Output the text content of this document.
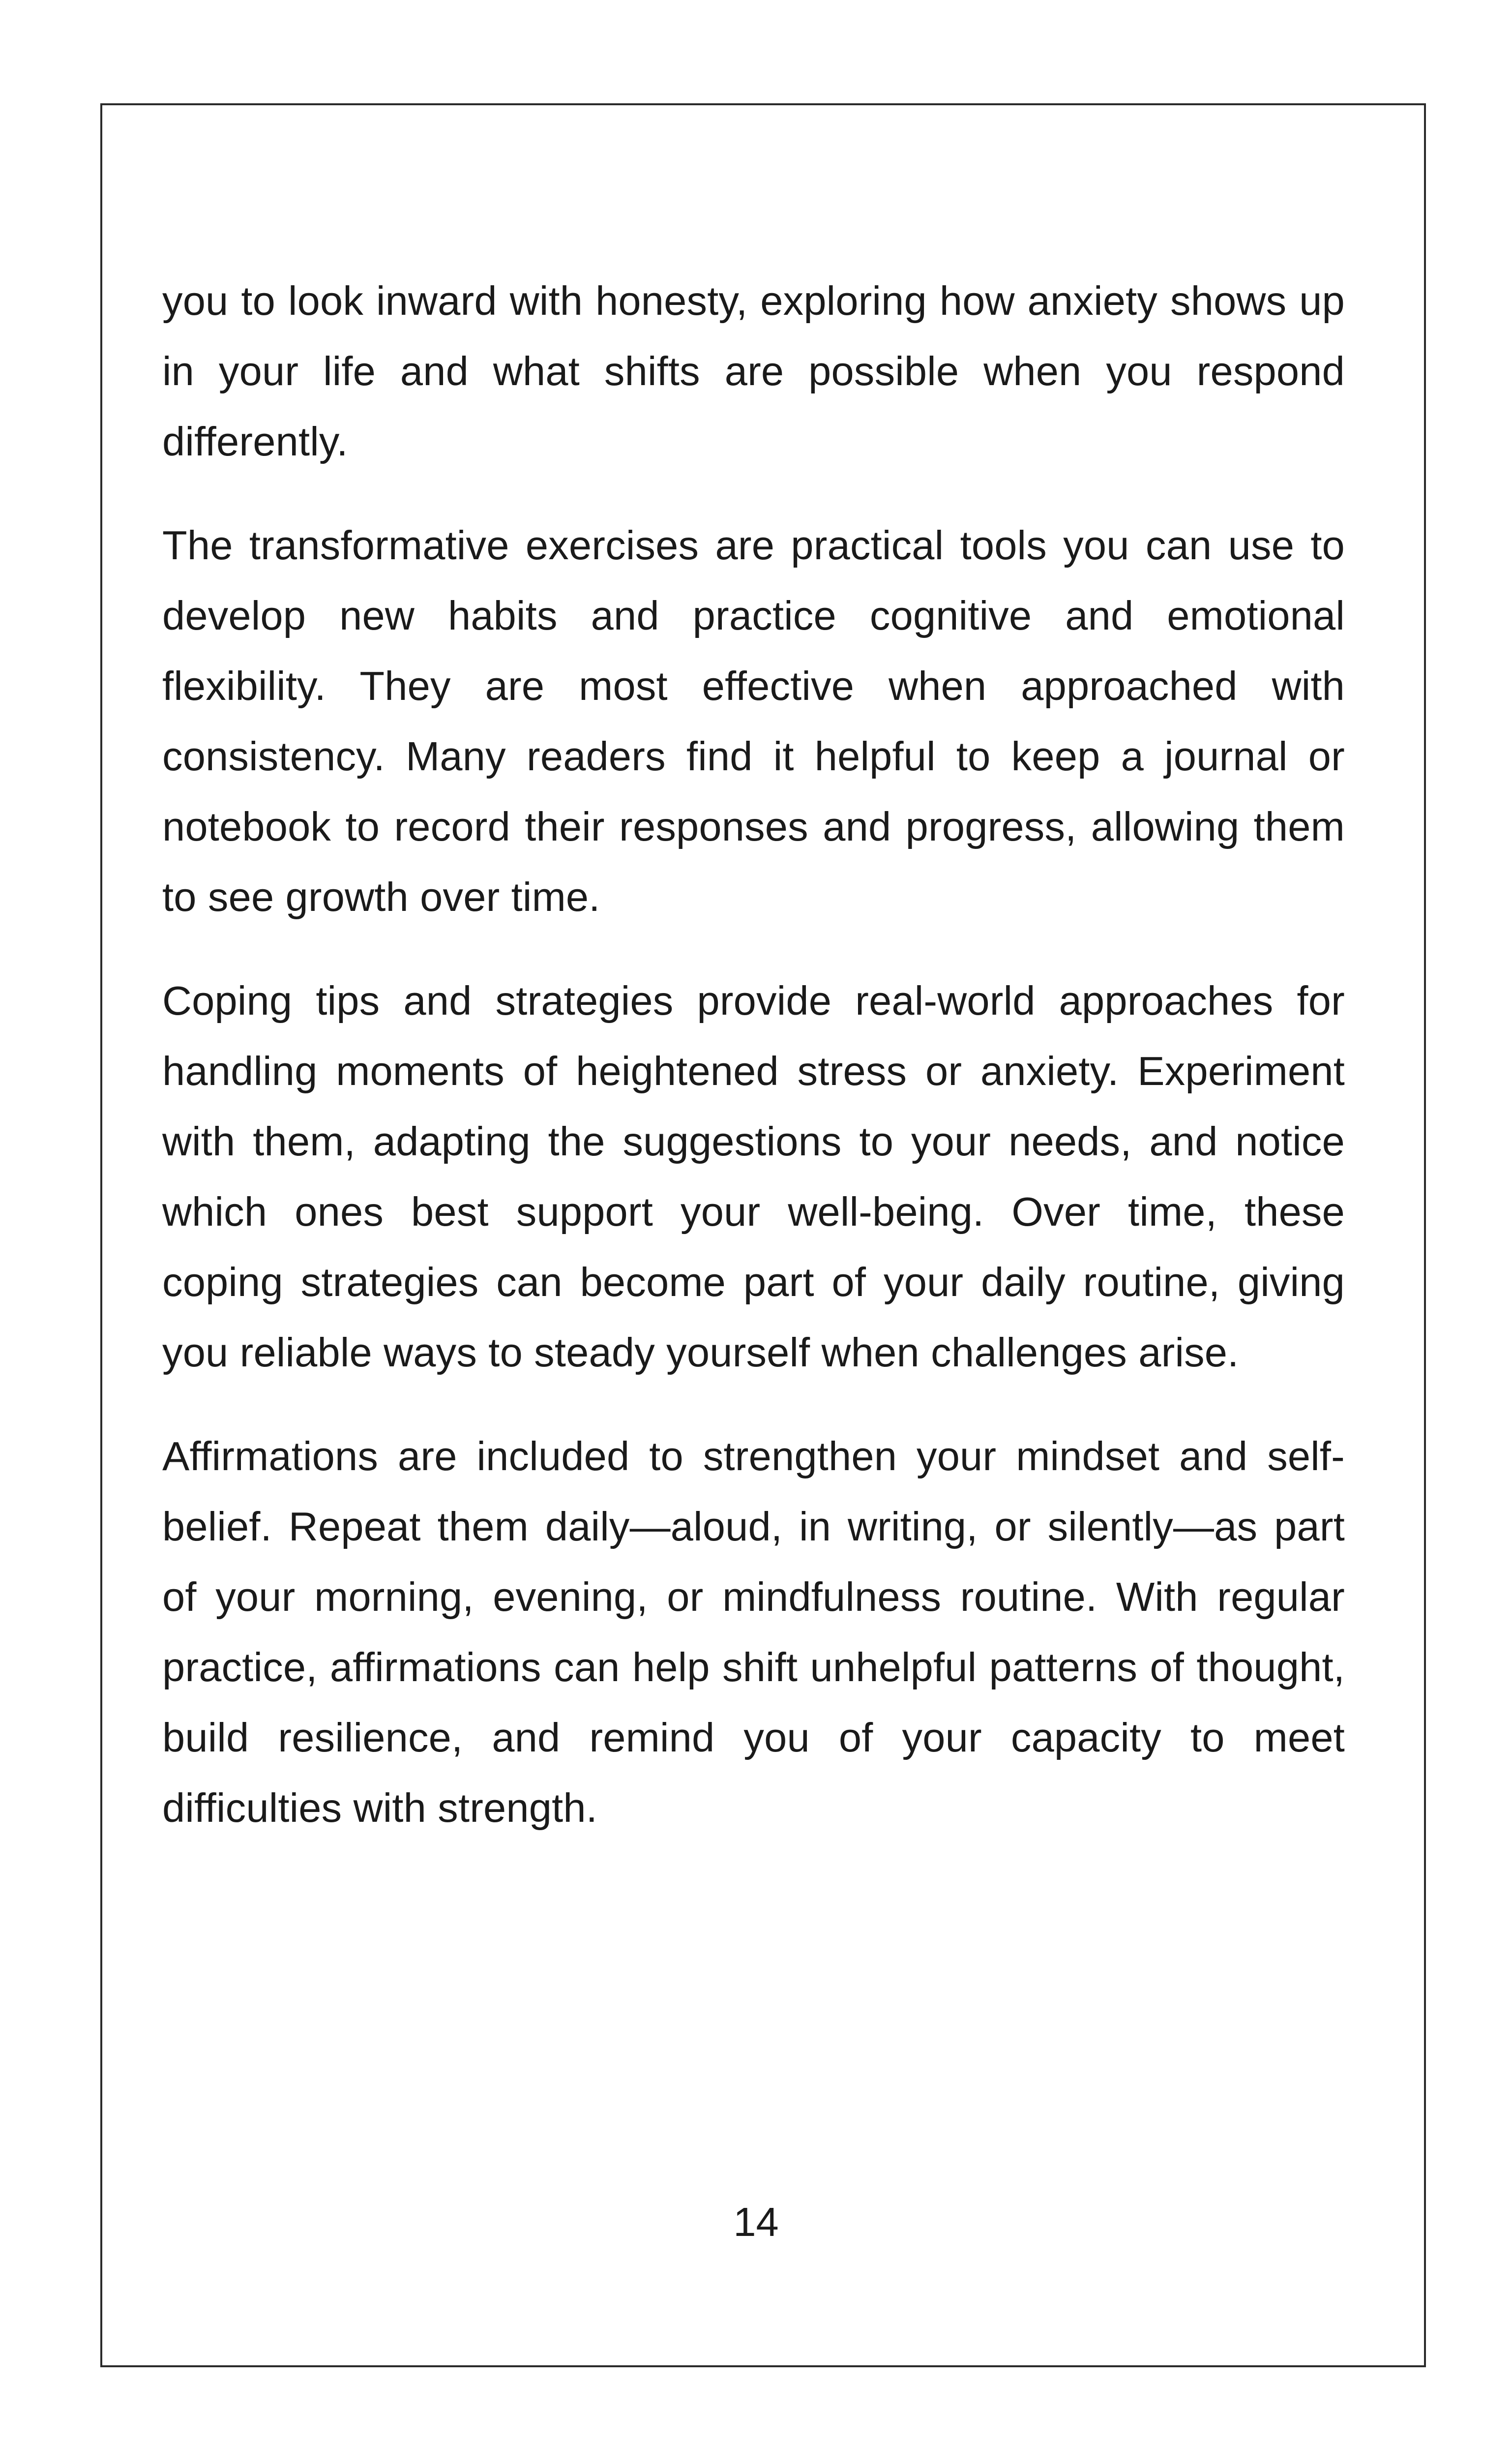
you to look inward with honesty, exploring how anxiety shows up in your life and what shifts are possible when you respond differently.

The transformative exercises are practical tools you can use to develop new habits and practice cognitive and emotional flexibility. They are most effective when approached with consistency. Many readers find it helpful to keep a journal or notebook to record their responses and progress, allowing them to see growth over time.

Coping tips and strategies provide real-world approaches for handling moments of heightened stress or anxiety. Experiment with them, adapting the suggestions to your needs, and notice which ones best support your well-being. Over time, these coping strategies can become part of your daily routine, giving you reliable ways to steady yourself when challenges arise.

Affirmations are included to strengthen your mindset and self-belief. Repeat them daily—aloud, in writing, or silently—as part of your morning, evening, or mindfulness routine. With regular practice, affirmations can help shift unhelpful patterns of thought, build resilience, and remind you of your capacity to meet difficulties with strength.

14
